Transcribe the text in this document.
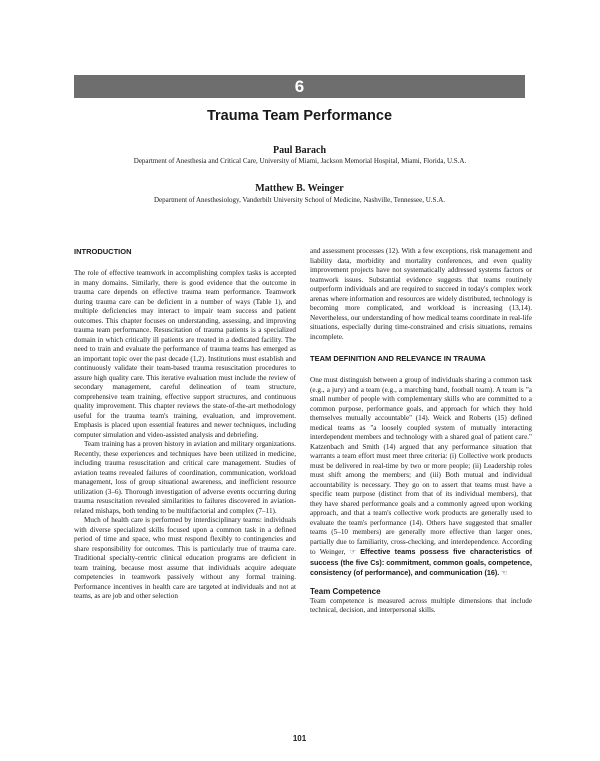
6
Trauma Team Performance
Paul Barach
Department of Anesthesia and Critical Care, University of Miami, Jackson Memorial Hospital, Miami, Florida, U.S.A.
Matthew B. Weinger
Department of Anesthesiology, Vanderbilt University School of Medicine, Nashville, Tennessee, U.S.A.
INTRODUCTION

The role of effective teamwork in accomplishing complex tasks is accepted in many domains. Similarly, there is good evidence that the outcome in trauma care depends on effective trauma team performance. Teamwork during trauma care can be deficient in a number of ways (Table 1), and multiple deficiencies may interact to impair team success and patient outcomes. This chapter focuses on understanding, assessing, and improving trauma team performance. Resuscitation of trauma patients is a specialized domain in which critically ill patients are treated in a dedicated facility. The need to train and evaluate the performance of trauma teams has emerged as an important topic over the past decade (1,2). Institutions must establish and continuously validate their team-based trauma resuscitation procedures to assure high quality care. This iterative evaluation must include the review of secondary management, careful delineation of team structure, comprehensive team training, effective support structures, and continuous quality improvement. This chapter reviews the state-of-the-art methodology useful for the trauma team's training, evaluation, and improvement. Emphasis is placed upon essential features and newer techniques, including computer simulation and video-assisted analysis and debriefing.

Team training has a proven history in aviation and military organizations. Recently, these experiences and techniques have been utilized in medicine, including trauma resuscitation and critical care management. Studies of aviation teams revealed failures of coordination, communication, workload management, loss of group situational awareness, and inefficient resource utilization (3–6). Thorough investigation of adverse events occurring during trauma resuscitation revealed similarities to failures discovered in aviation-related mishaps, both tending to be multifactorial and complex (7–11).

Much of health care is performed by interdisciplinary teams: individuals with diverse specialized skills focused upon a common task in a defined period of time and space, who must respond flexibly to contingencies and share responsibility for outcomes. This is particularly true of trauma care. Traditional specialty-centric clinical education programs are deficient in team training, because most assume that individuals acquire adequate competencies in teamwork passively without any formal training. Performance incentives in health care are targeted at individuals and not at teams, as are job and other selection

and assessment processes (12). With a few exceptions, risk management and liability data, morbidity and mortality conferences, and even quality improvement projects have not systematically addressed systems factors or teamwork issues. Substantial evidence suggests that teams routinely outperform individuals and are required to succeed in today's complex work arenas where information and resources are widely distributed, technology is becoming more complicated, and workload is increasing (13,14). Nevertheless, our understanding of how medical teams coordinate in real-life situations, especially during time-constrained and crisis situations, remains incomplete.

TEAM DEFINITION AND RELEVANCE IN TRAUMA

One must distinguish between a group of individuals sharing a common task (e.g., a jury) and a team (e.g., a marching band, football team). A team is "a small number of people with complementary skills who are committed to a common purpose, performance goals, and approach for which they hold themselves mutually accountable" (14). Weick and Roberts (15) defined medical teams as "a loosely coupled system of mutually interacting interdependent members and technology with a shared goal of patient care." Katzenbach and Smith (14) argued that any performance situation that warrants a team effort must meet three criteria: (i) Collective work products must be delivered in real-time by two or more people; (ii) Leadership roles must shift among the members; and (iii) Both mutual and individual accountability is necessary. They go on to assert that teams must have a specific team purpose (distinct from that of its individual members), that they have shared performance goals and a commonly agreed upon working approach, and that a team's collective work products are generally used to evaluate the team's performance (14). Others have suggested that smaller teams (5–10 members) are generally more effective than larger ones, partially due to familiarity, cross-checking, and interdependence. According to Weinger, ☞ Effective teams possess five characteristics of success (the five Cs): commitment, common goals, competence, consistency (of performance), and communication (16). ☜

Team Competence

Team competence is measured across multiple dimensions that include technical, decision, and interpersonal skills.

101
